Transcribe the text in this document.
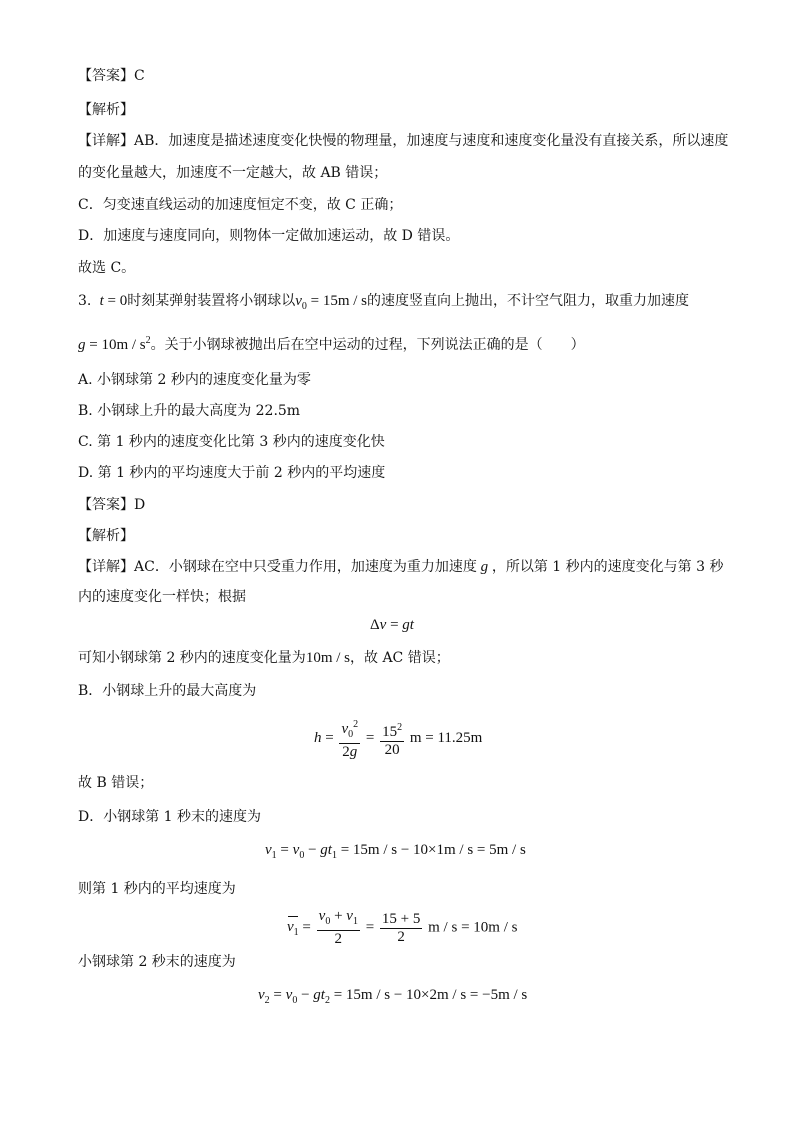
【答案】C
【解析】
【详解】AB．加速度是描述速度变化快慢的物理量，加速度与速度和速度变化量没有直接关系，所以速度
的变化量越大，加速度不一定越大，故 AB 错误；
C．匀变速直线运动的加速度恒定不变，故 C 正确；
D．加速度与速度同向，则物体一定做加速运动，故 D 错误。
故选 C。
3. t = 0时刻某弹射装置将小钢球以$v_0 = 15m / s$的速度竖直向上抛出，不计空气阻力，取重力加速度
$g = 10m / s^2$。关于小钢球被抛出后在空中运动的过程，下列说法正确的是（　　）
A. 小钢球第 2 秒内的速度变化量为零
B. 小钢球上升的最大高度为 22.5m
C. 第 1 秒内的速度变化比第 3 秒内的速度变化快
D. 第 1 秒内的平均速度大于前 2 秒内的平均速度
【答案】D
【解析】
【详解】AC．小钢球在空中只受重力作用，加速度为重力加速度 g ，所以第 1 秒内的速度变化与第 3 秒
内的速度变化一样快；根据
Δv = gt
可知小钢球第 2 秒内的速度变化量为10m / s，故 AC 错误；
B．小钢球上升的最大高度为
$h = \frac{v_0^2}{2g} = \frac{15^2}{20}$ m = 11.25m
故 B 错误；
D．小钢球第 1 秒末的速度为
$v_1 = v_0 - gt_1 = 15m / s - 10\times 1m / s = 5m / s$
则第 1 秒内的平均速度为
$v_1 = \frac{v_0 + v_1}{2} = \frac{15 + 5}{2}$ m / s = 10m / s
小钢球第 2 秒末的速度为
$v_2 = v_0 - gt_2 = 15m / s - 10\times 2m / s = -5m / s$
